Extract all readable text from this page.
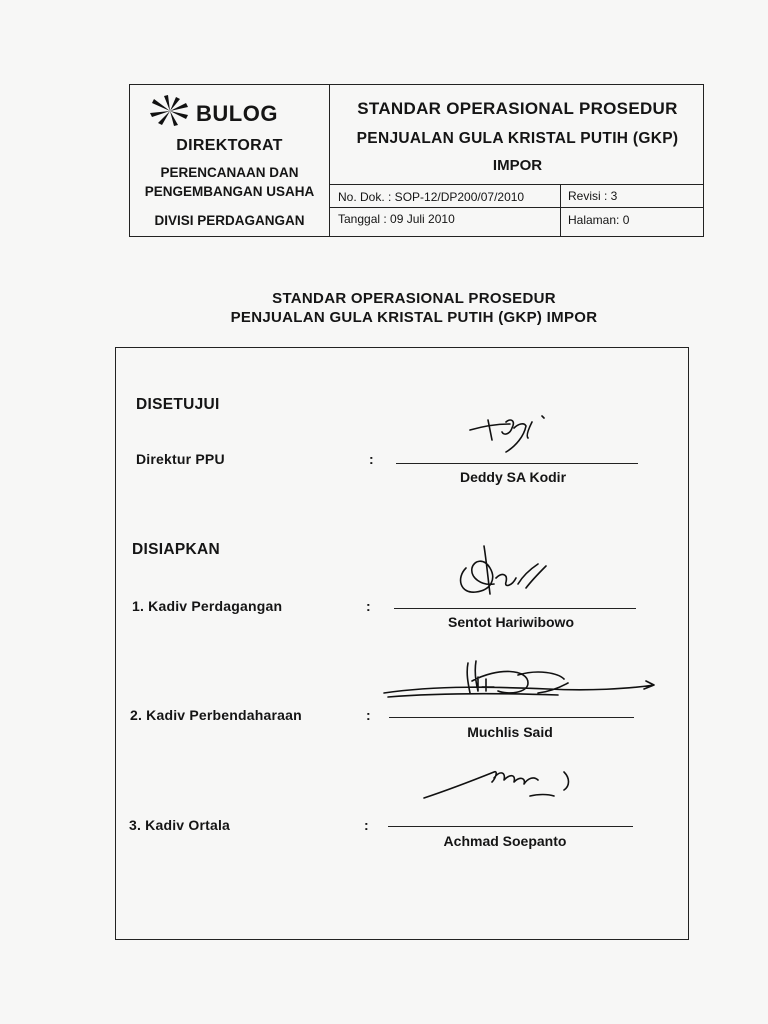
BULOG
DIREKTORAT
PERENCANAAN DAN
PENGEMBANGAN USAHA
DIVISI PERDAGANGAN
STANDAR OPERASIONAL PROSEDUR
PENJUALAN GULA KRISTAL PUTIH (GKP)
IMPOR
No. Dok. : SOP-12/DP200/07/2010	Revisi : 3
Tanggal : 09 Juli 2010	Halaman: 0
STANDAR OPERASIONAL PROSEDUR
PENJUALAN GULA KRISTAL PUTIH (GKP) IMPOR
DISETUJUI
Direktur PPU	:
Deddy SA Kodir
DISIAPKAN
1. Kadiv Perdagangan	:
Sentot Hariwibowo
2. Kadiv Perbendaharaan	:
Muchlis Said
3. Kadiv Ortala	:
Achmad Soepanto
